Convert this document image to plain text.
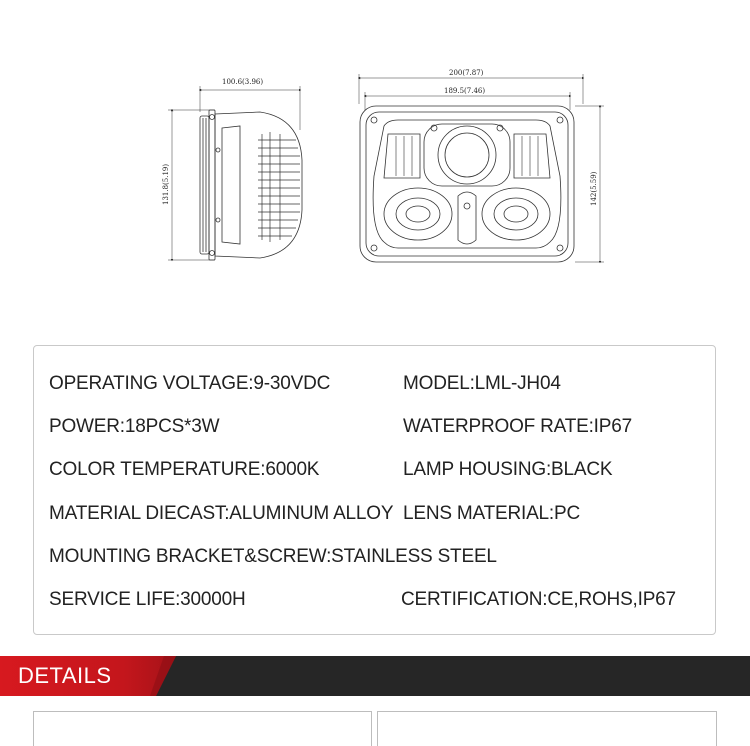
100.6(3.96)
131.8(5.19)
200(7.87)
189.5(7.46)
142(5.59)
OPERATING VOLTAGE:9-30VDC
POWER:18PCS*3W
COLOR TEMPERATURE:6000K
MATERIAL DIECAST:ALUMINUM ALLOY
MOUNTING BRACKET&SCREW:STAINLESS STEEL
SERVICE LIFE:30000H
MODEL:LML-JH04
WATERPROOF RATE:IP67
LAMP HOUSING:BLACK
LENS MATERIAL:PC
CERTIFICATION:CE,ROHS,IP67
DETAILS
